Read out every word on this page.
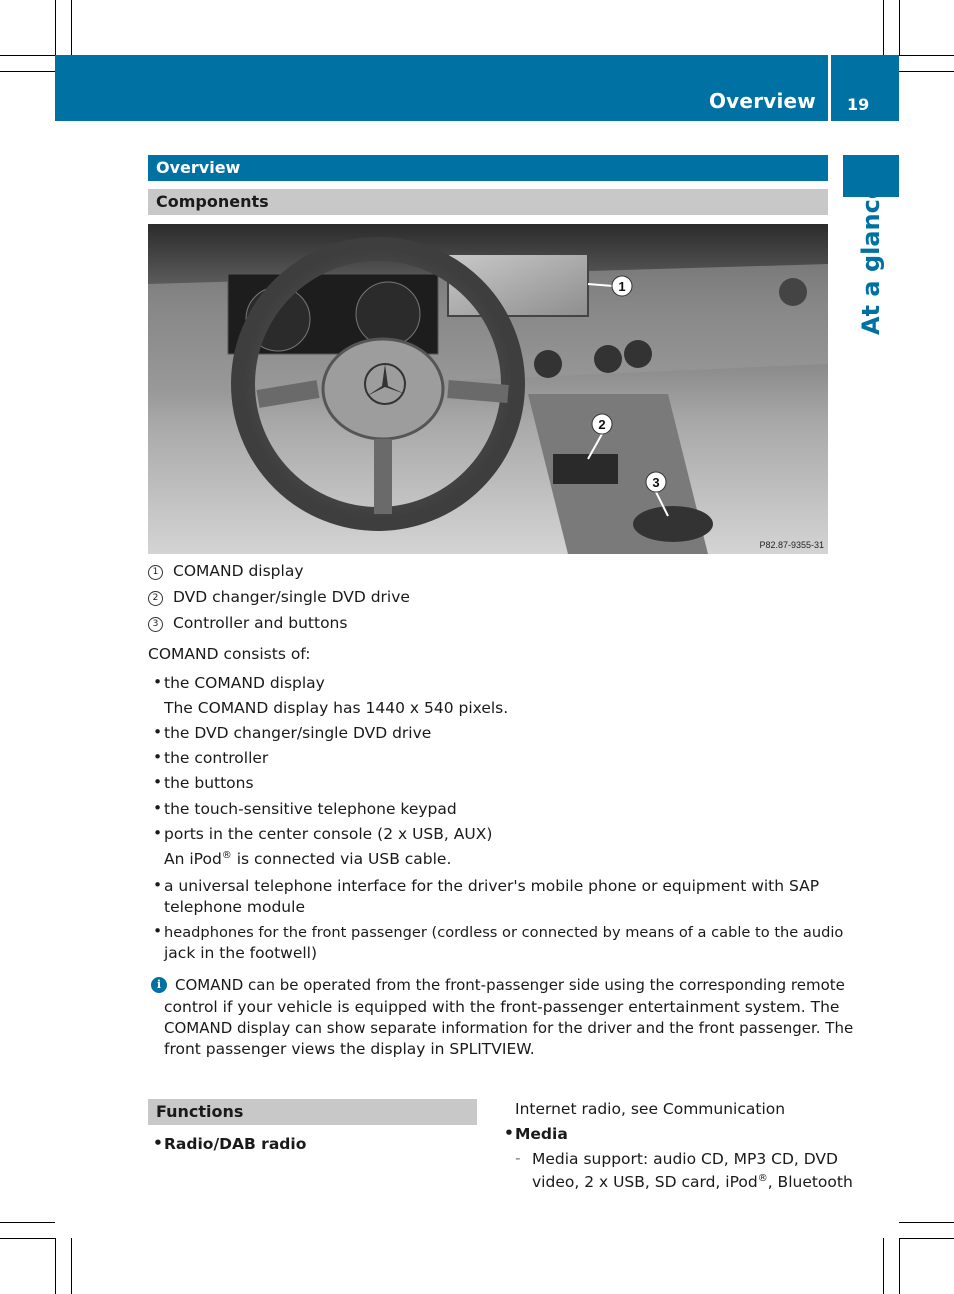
Overview 19
At a glance
Overview
Components
1
2
3
P82.87-9355-31
1 COMAND display
2 DVD changer/single DVD drive
3 Controller and buttons
COMAND consists of:
• the COMAND display
The COMAND display has 1440 x 540 pixels.
• the DVD changer/single DVD drive
• the controller
• the buttons
• the touch-sensitive telephone keypad
• ports in the center console (2 x USB, AUX)
An iPod® is connected via USB cable.
• a universal telephone interface for the driver's mobile phone or equipment with SAP
telephone module
• headphones for the front passenger (cordless or connected by means of a cable to the audio
jack in the footwell)
i COMAND can be operated from the front-passenger side using the corresponding remote
control if your vehicle is equipped with the front-passenger entertainment system. The
COMAND display can show separate information for the driver and the front passenger. The
front passenger views the display in SPLITVIEW.
Functions
• Radio/DAB radio
Internet radio, see Communication
• Media
- Media support: audio CD, MP3 CD, DVD
video, 2 x USB, SD card, iPod®, Bluetooth
